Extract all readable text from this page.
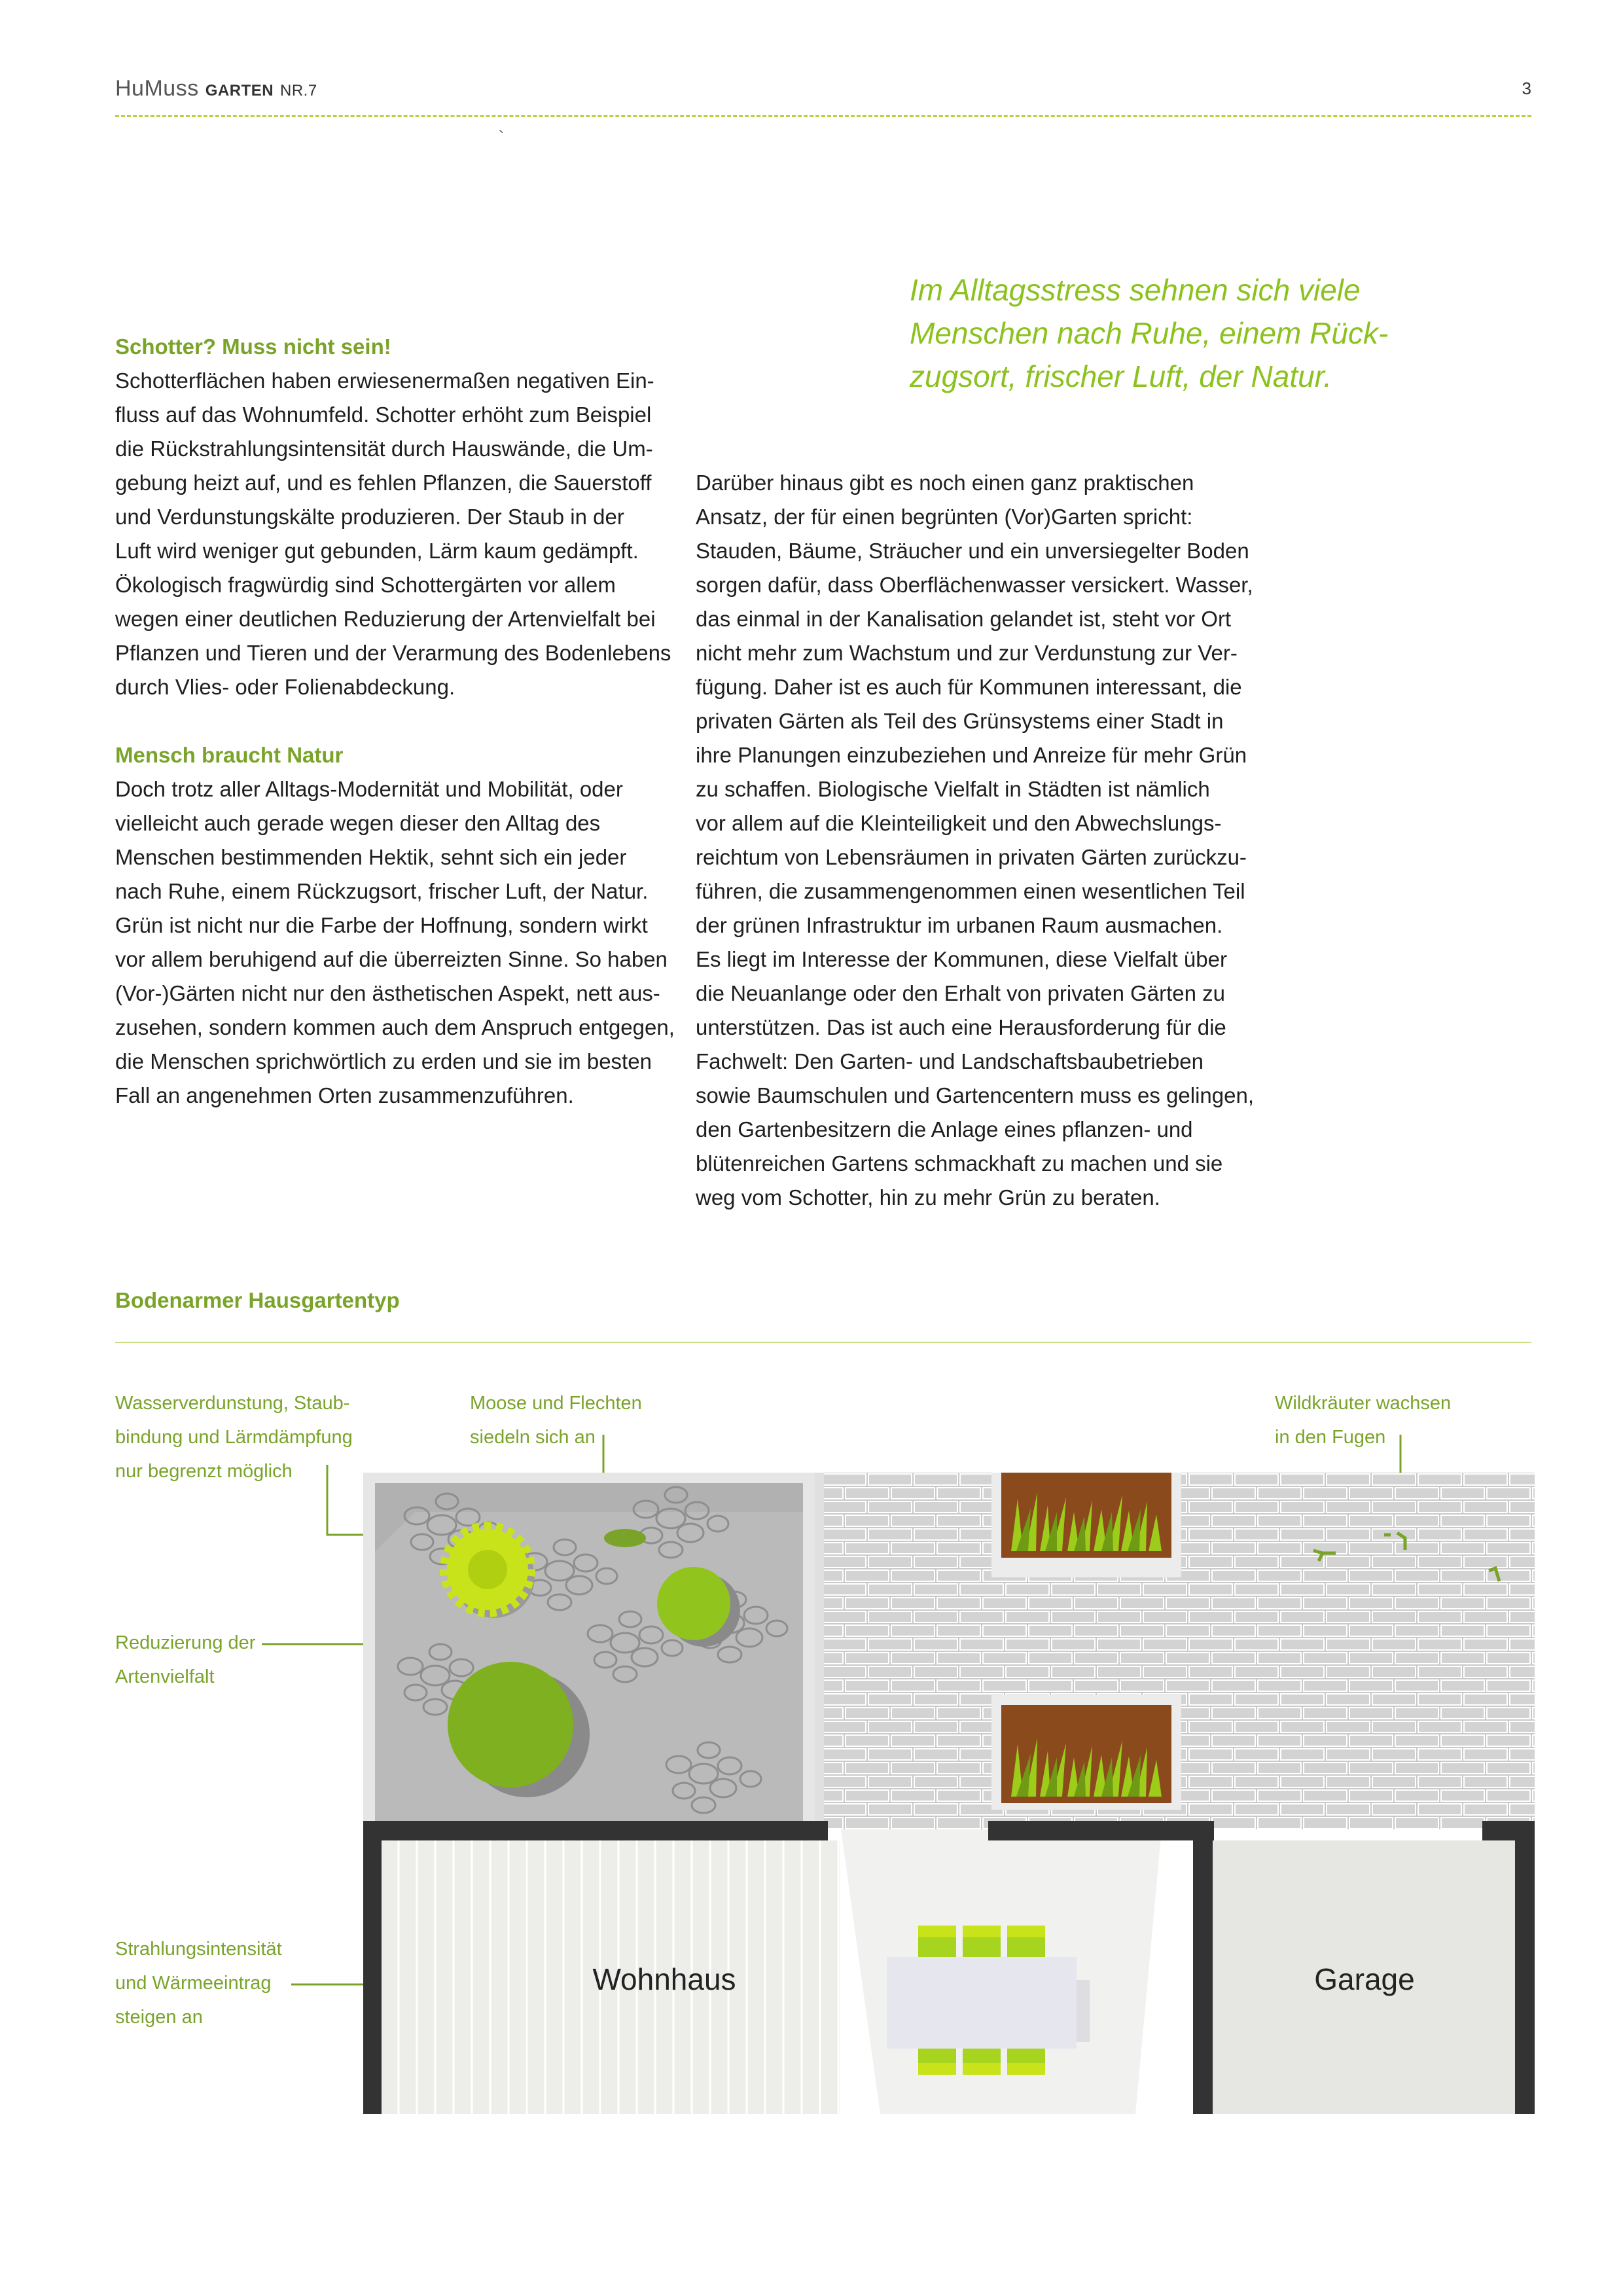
HuMuss GARTEN NR.7	3
`
Im Alltagsstress sehnen sich viele
Menschen nach Ruhe, einem Rück-
zugsort, frischer Luft, der Natur.
Schotter? Muss nicht sein!

Schotterflächen haben erwiesenermaßen negativen Ein-

fluss auf das Wohnumfeld. Schotter erhöht zum Beispiel

die Rückstrahlungsintensität durch Hauswände, die Um-

gebung heizt auf, und es fehlen Pflanzen, die Sauerstoff

und Verdunstungskälte produzieren. Der Staub in der

Luft wird weniger gut gebunden, Lärm kaum gedämpft.

Ökologisch fragwürdig sind Schottergärten vor allem

wegen einer deutlichen Reduzierung der Artenvielfalt bei

Pflanzen und Tieren und der Verarmung des Bodenlebens

durch Vlies- oder Folienabdeckung.

Mensch braucht Natur

Doch trotz aller Alltags-Modernität und Mobilität, oder

vielleicht auch gerade wegen dieser den Alltag des

Menschen bestimmenden Hektik, sehnt sich ein jeder

nach Ruhe, einem Rückzugsort, frischer Luft, der Natur.

Grün ist nicht nur die Farbe der Hoffnung, sondern wirkt

vor allem beruhigend auf die überreizten Sinne. So haben

(Vor-)Gärten nicht nur den ästhetischen Aspekt, nett aus-

zusehen, sondern kommen auch dem Anspruch entgegen,

die Menschen sprichwörtlich zu erden und sie im besten

Fall an angenehmen Orten zusammenzuführen.

Darüber hinaus gibt es noch einen ganz praktischen

Ansatz, der für einen begrünten (Vor)Garten spricht:

Stauden, Bäume, Sträucher und ein unversiegelter Boden

sorgen dafür, dass Oberflächenwasser versickert. Wasser,

das einmal in der Kanalisation gelandet ist, steht vor Ort

nicht mehr zum Wachstum und zur Verdunstung zur Ver-

fügung. Daher ist es auch für Kommunen interessant, die

privaten Gärten als Teil des Grünsystems einer Stadt in

ihre Planungen einzubeziehen und Anreize für mehr Grün

zu schaffen. Biologische Vielfalt in Städten ist nämlich

vor allem auf die Kleinteiligkeit und den Abwechslungs-

reichtum von Lebensräumen in privaten Gärten zurückzu-

führen, die zusammengenommen einen wesentlichen Teil

der grünen Infrastruktur im urbanen Raum ausmachen.

Es liegt im Interesse der Kommunen, diese Vielfalt über

die Neuanlange oder den Erhalt von privaten Gärten zu

unterstützen. Das ist auch eine Herausforderung für die

Fachwelt: Den Garten- und Landschaftsbaubetrieben

sowie Baumschulen und Gartencentern muss es gelingen,

den Gartenbesitzern die Anlage eines pflanzen- und

blütenreichen Gartens schmackhaft zu machen und sie

weg vom Schotter, hin zu mehr Grün zu beraten.

Bodenarmer Hausgartentyp
Wasserverdunstung, Staub-
bindung und Lärmdämpfung
nur begrenzt möglich
Moose und Flechten
siedeln sich an
Wildkräuter wachsen
in den Fugen
Reduzierung der
Artenvielfalt
Strahlungsintensität
und Wärmeeintrag
steigen an
Wohnhaus	Garage
